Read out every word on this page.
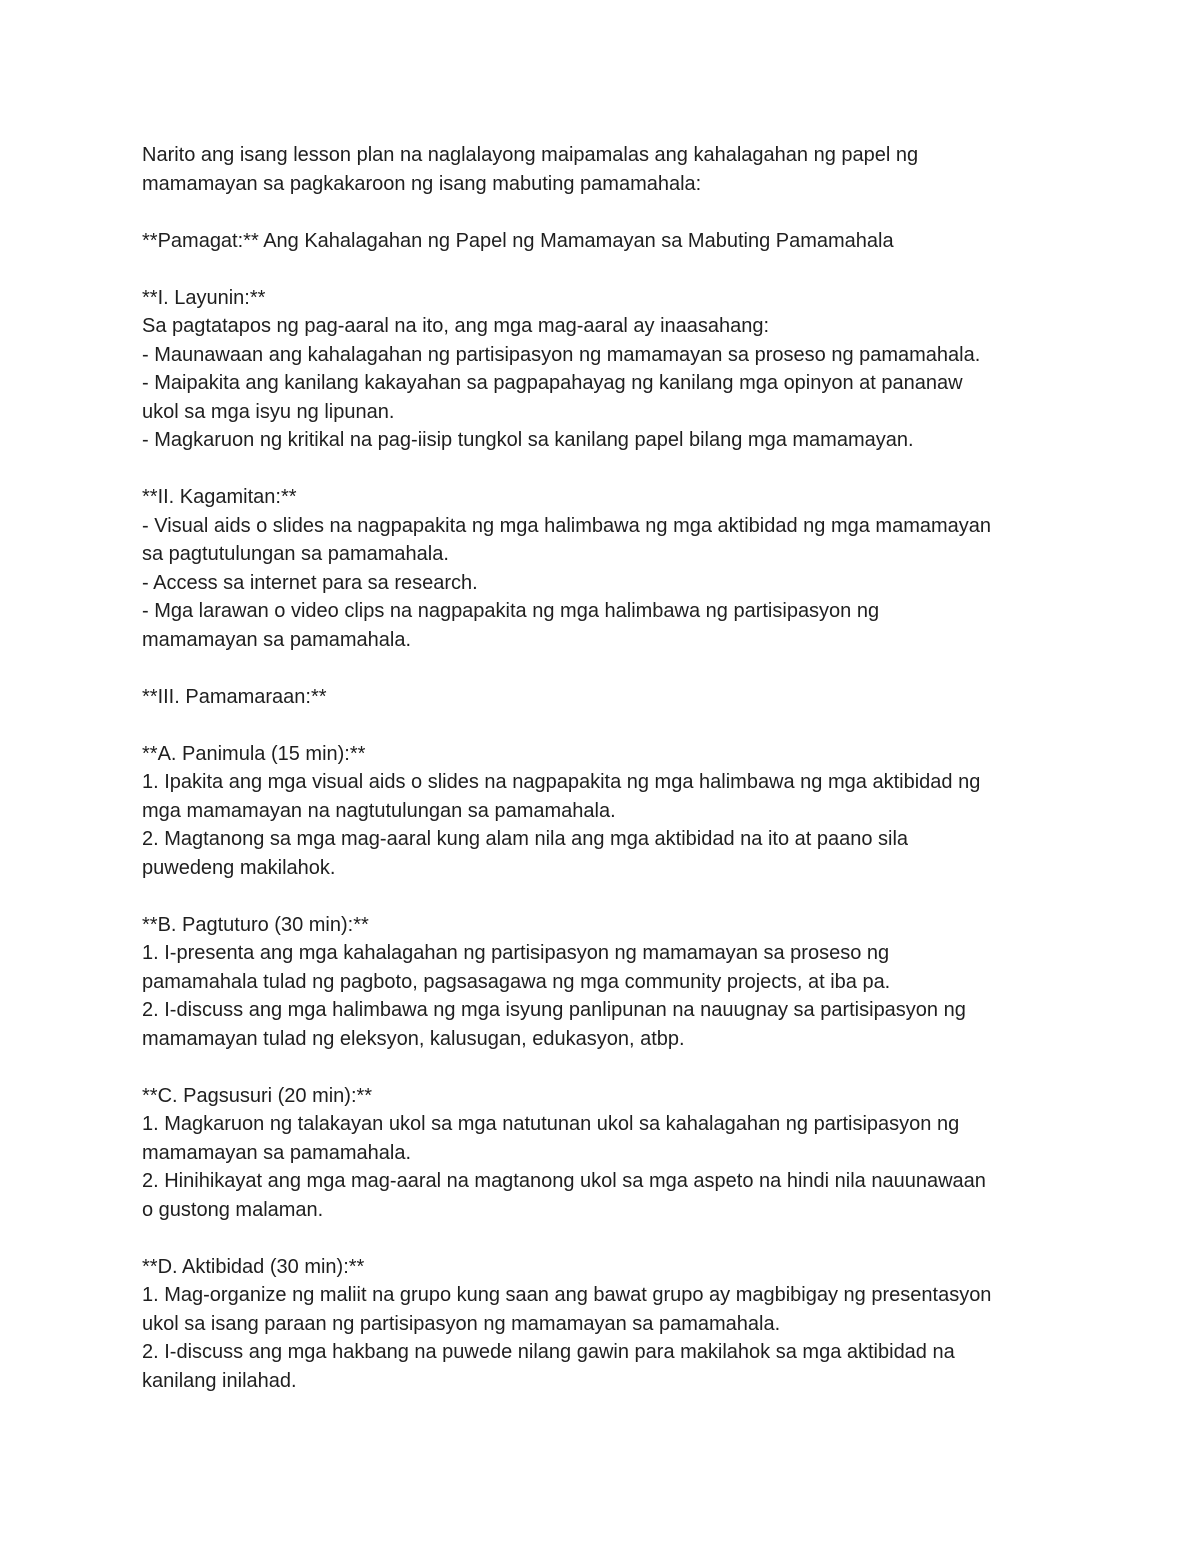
Narito ang isang lesson plan na naglalayong maipamalas ang kahalagahan ng papel ng
mamamayan sa pagkakaroon ng isang mabuting pamamahala:
**Pamagat:** Ang Kahalagahan ng Papel ng Mamamayan sa Mabuting Pamamahala
**I. Layunin:**
Sa pagtatapos ng pag-aaral na ito, ang mga mag-aaral ay inaasahang:
- Maunawaan ang kahalagahan ng partisipasyon ng mamamayan sa proseso ng pamamahala.
- Maipakita ang kanilang kakayahan sa pagpapahayag ng kanilang mga opinyon at pananaw
ukol sa mga isyu ng lipunan.
- Magkaruon ng kritikal na pag-iisip tungkol sa kanilang papel bilang mga mamamayan.
**II. Kagamitan:**
- Visual aids o slides na nagpapakita ng mga halimbawa ng mga aktibidad ng mga mamamayan
sa pagtutulungan sa pamamahala.
- Access sa internet para sa research.
- Mga larawan o video clips na nagpapakita ng mga halimbawa ng partisipasyon ng
mamamayan sa pamamahala.
**III. Pamamaraan:**
**A. Panimula (15 min):**
1. Ipakita ang mga visual aids o slides na nagpapakita ng mga halimbawa ng mga aktibidad ng
mga mamamayan na nagtutulungan sa pamamahala.
2. Magtanong sa mga mag-aaral kung alam nila ang mga aktibidad na ito at paano sila
puwedeng makilahok.
**B. Pagtuturo (30 min):**
1. I-presenta ang mga kahalagahan ng partisipasyon ng mamamayan sa proseso ng
pamamahala tulad ng pagboto, pagsasagawa ng mga community projects, at iba pa.
2. I-discuss ang mga halimbawa ng mga isyung panlipunan na nauugnay sa partisipasyon ng
mamamayan tulad ng eleksyon, kalusugan, edukasyon, atbp.
**C. Pagsusuri (20 min):**
1. Magkaruon ng talakayan ukol sa mga natutunan ukol sa kahalagahan ng partisipasyon ng
mamamayan sa pamamahala.
2. Hinihikayat ang mga mag-aaral na magtanong ukol sa mga aspeto na hindi nila nauunawaan
o gustong malaman.
**D. Aktibidad (30 min):**
1. Mag-organize ng maliit na grupo kung saan ang bawat grupo ay magbibigay ng presentasyon
ukol sa isang paraan ng partisipasyon ng mamamayan sa pamamahala.
2. I-discuss ang mga hakbang na puwede nilang gawin para makilahok sa mga aktibidad na
kanilang inilahad.
